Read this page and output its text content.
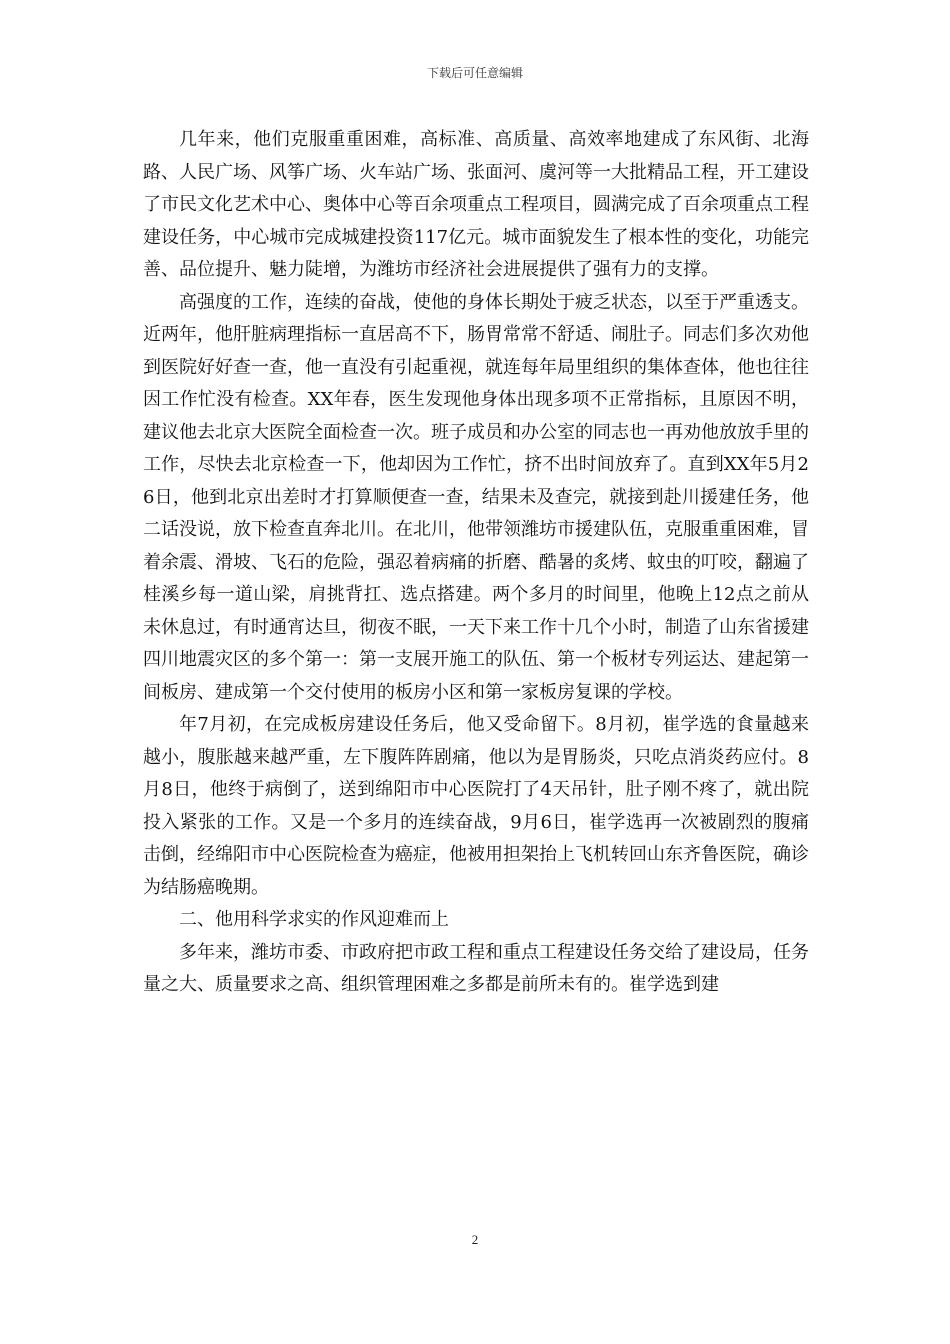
下载后可任意编辑

几年来，他们克服重重困难，高标准、高质量、高效率地建成了东风街、北海路、人民广场、风筝广场、火车站广场、张面河、虞河等一大批精品工程，开工建设了市民文化艺术中心、奥体中心等百余项重点工程项目，圆满完成了百余项重点工程建设任务，中心城市完成城建投资117亿元。城市面貌发生了根本性的变化，功能完善、品位提升、魅力陡增，为潍坊市经济社会进展提供了强有力的支撑。

高强度的工作，连续的奋战，使他的身体长期处于疲乏状态，以至于严重透支。近两年，他肝脏病理指标一直居高不下，肠胃常常不舒适、闹肚子。同志们多次劝他到医院好好查一查，他一直没有引起重视，就连每年局里组织的集体查体，他也往往因工作忙没有检查。XX年春，医生发现他身体出现多项不正常指标，且原因不明，建议他去北京大医院全面检查一次。班子成员和办公室的同志也一再劝他放放手里的工作，尽快去北京检查一下，他却因为工作忙，挤不出时间放弃了。直到XX年5月26日，他到北京出差时才打算顺便查一查，结果未及查完，就接到赴川援建任务，他二话没说，放下检查直奔北川。在北川，他带领潍坊市援建队伍，克服重重困难，冒着余震、滑坡、飞石的危险，强忍着病痛的折磨、酷暑的炙烤、蚊虫的叮咬，翻遍了桂溪乡每一道山梁，肩挑背扛、选点搭建。两个多月的时间里，他晚上12点之前从未休息过，有时通宵达旦，彻夜不眠，一天下来工作十几个小时，制造了山东省援建四川地震灾区的多个第一：第一支展开施工的队伍、第一个板材专列运达、建起第一间板房、建成第一个交付使用的板房小区和第一家板房复课的学校。

年7月初，在完成板房建设任务后，他又受命留下。8月初，崔学选的食量越来越小，腹胀越来越严重，左下腹阵阵剧痛，他以为是胃肠炎，只吃点消炎药应付。8月8日，他终于病倒了，送到绵阳市中心医院打了4天吊针，肚子刚不疼了，就出院投入紧张的工作。又是一个多月的连续奋战，9月6日，崔学选再一次被剧烈的腹痛击倒，经绵阳市中心医院检查为癌症，他被用担架抬上飞机转回山东齐鲁医院，确诊为结肠癌晚期。

二、他用科学求实的作风迎难而上

多年来，潍坊市委、市政府把市政工程和重点工程建设任务交给了建设局，任务量之大、质量要求之高、组织管理困难之多都是前所未有的。崔学选到建

2
